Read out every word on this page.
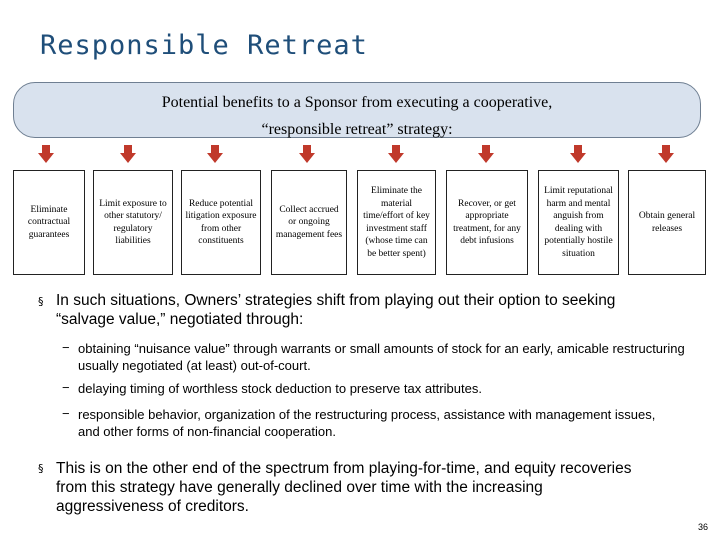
Responsible Retreat
Potential benefits to a Sponsor from executing a cooperative,
“responsible retreat” strategy:
Eliminate contractual guarantees
Limit exposure to other statutory/ regulatory liabilities
Reduce potential litigation exposure from other constituents
Collect accrued or ongoing management fees
Eliminate the material time/effort of key investment staff (whose time can be better spent)
Recover, or get appropriate treatment, for any debt infusions
Limit reputational harm and mental anguish from dealing with potentially hostile situation
Obtain general releases
§ In such situations, Owners’ strategies shift from playing out their option to seeking “salvage value,” negotiated through:
− obtaining “nuisance value” through warrants or small amounts of stock for an early, amicable restructuring usually negotiated (at least) out-of-court.
− delaying timing of worthless stock deduction to preserve tax attributes.
− responsible behavior, organization of the restructuring process, assistance with management issues, and other forms of non-financial cooperation.
§ This is on the other end of the spectrum from playing-for-time, and equity recoveries from this strategy have generally declined over time with the increasing aggressiveness of creditors.
36
